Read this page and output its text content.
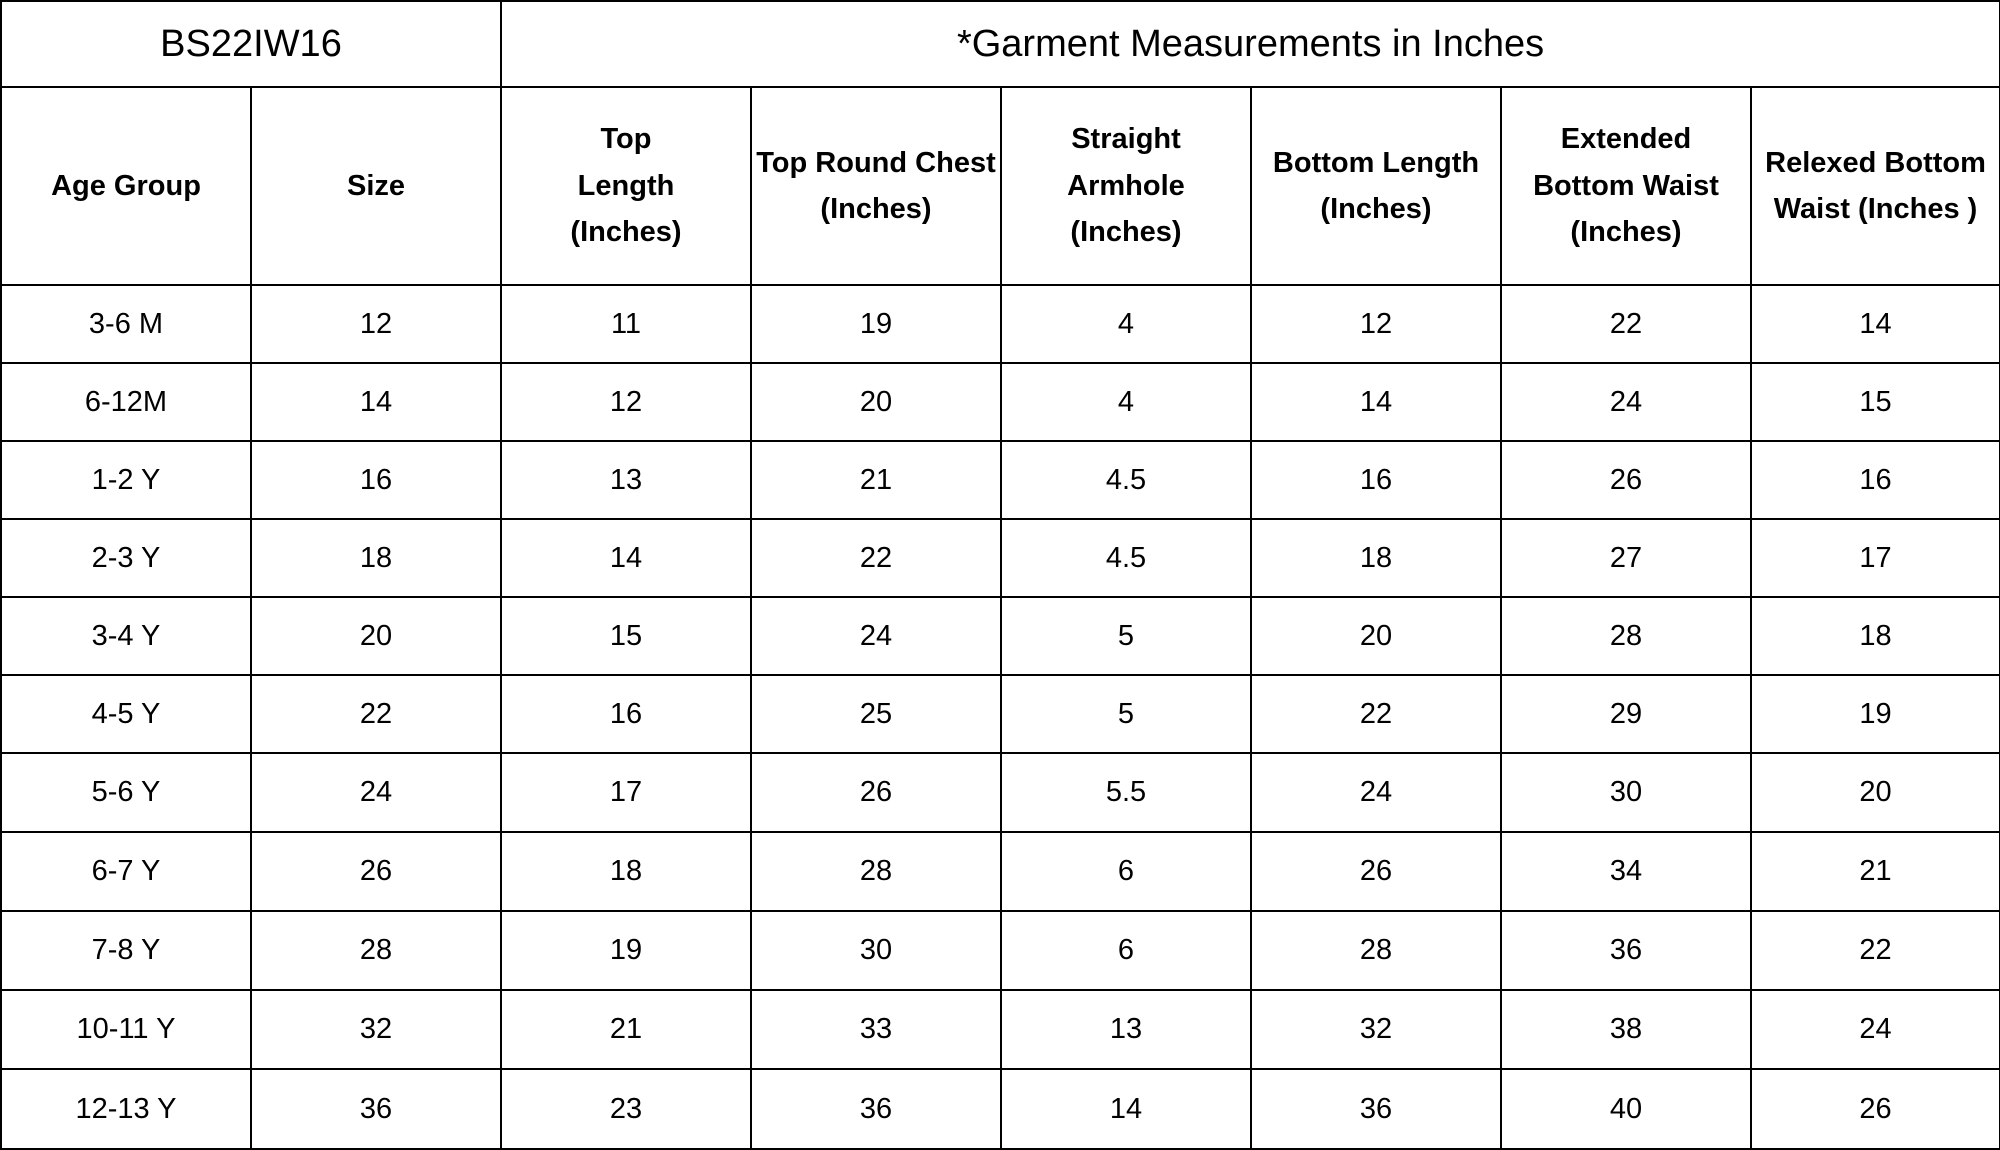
BS22IW16		*Garment Measurements in Inches					
Age Group	Size	Top Length (Inches)	Top Round Chest (Inches)	Straight Armhole (Inches)	Bottom Length (Inches)	Extended Bottom Waist (Inches)	Relexed Bottom Waist (Inches )
3-6 M	12	11	19	4	12	22	14
6-12M	14	12	20	4	14	24	15
1-2 Y	16	13	21	4.5	16	26	16
2-3 Y	18	14	22	4.5	18	27	17
3-4 Y	20	15	24	5	20	28	18
4-5 Y	22	16	25	5	22	29	19
5-6 Y	24	17	26	5.5	24	30	20
6-7 Y	26	18	28	6	26	34	21
7-8 Y	28	19	30	6	28	36	22
10-11 Y	32	21	33	13	32	38	24
12-13 Y	36	23	36	14	36	40	26
